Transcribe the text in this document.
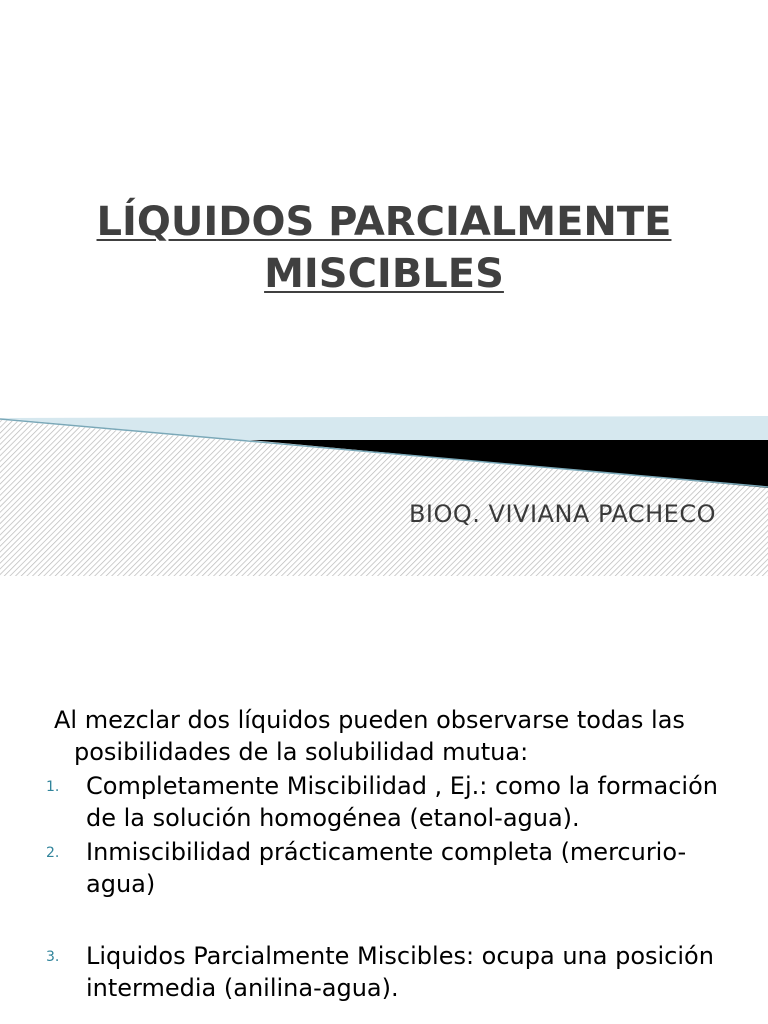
LÍQUIDOS PARCIALMENTE
MISCIBLES

BIOQ. VIVIANA PACHECO

Al mezclar dos líquidos pueden observarse todas las posibilidades de la solubilidad mutua:

1. Completamente Miscibilidad , Ej.: como la formación de la solución homogénea (etanol-agua).
2. Inmiscibilidad prácticamente completa (mercurio-agua)
3. Liquidos Parcialmente Miscibles: ocupa una posición intermedia (anilina-agua).
